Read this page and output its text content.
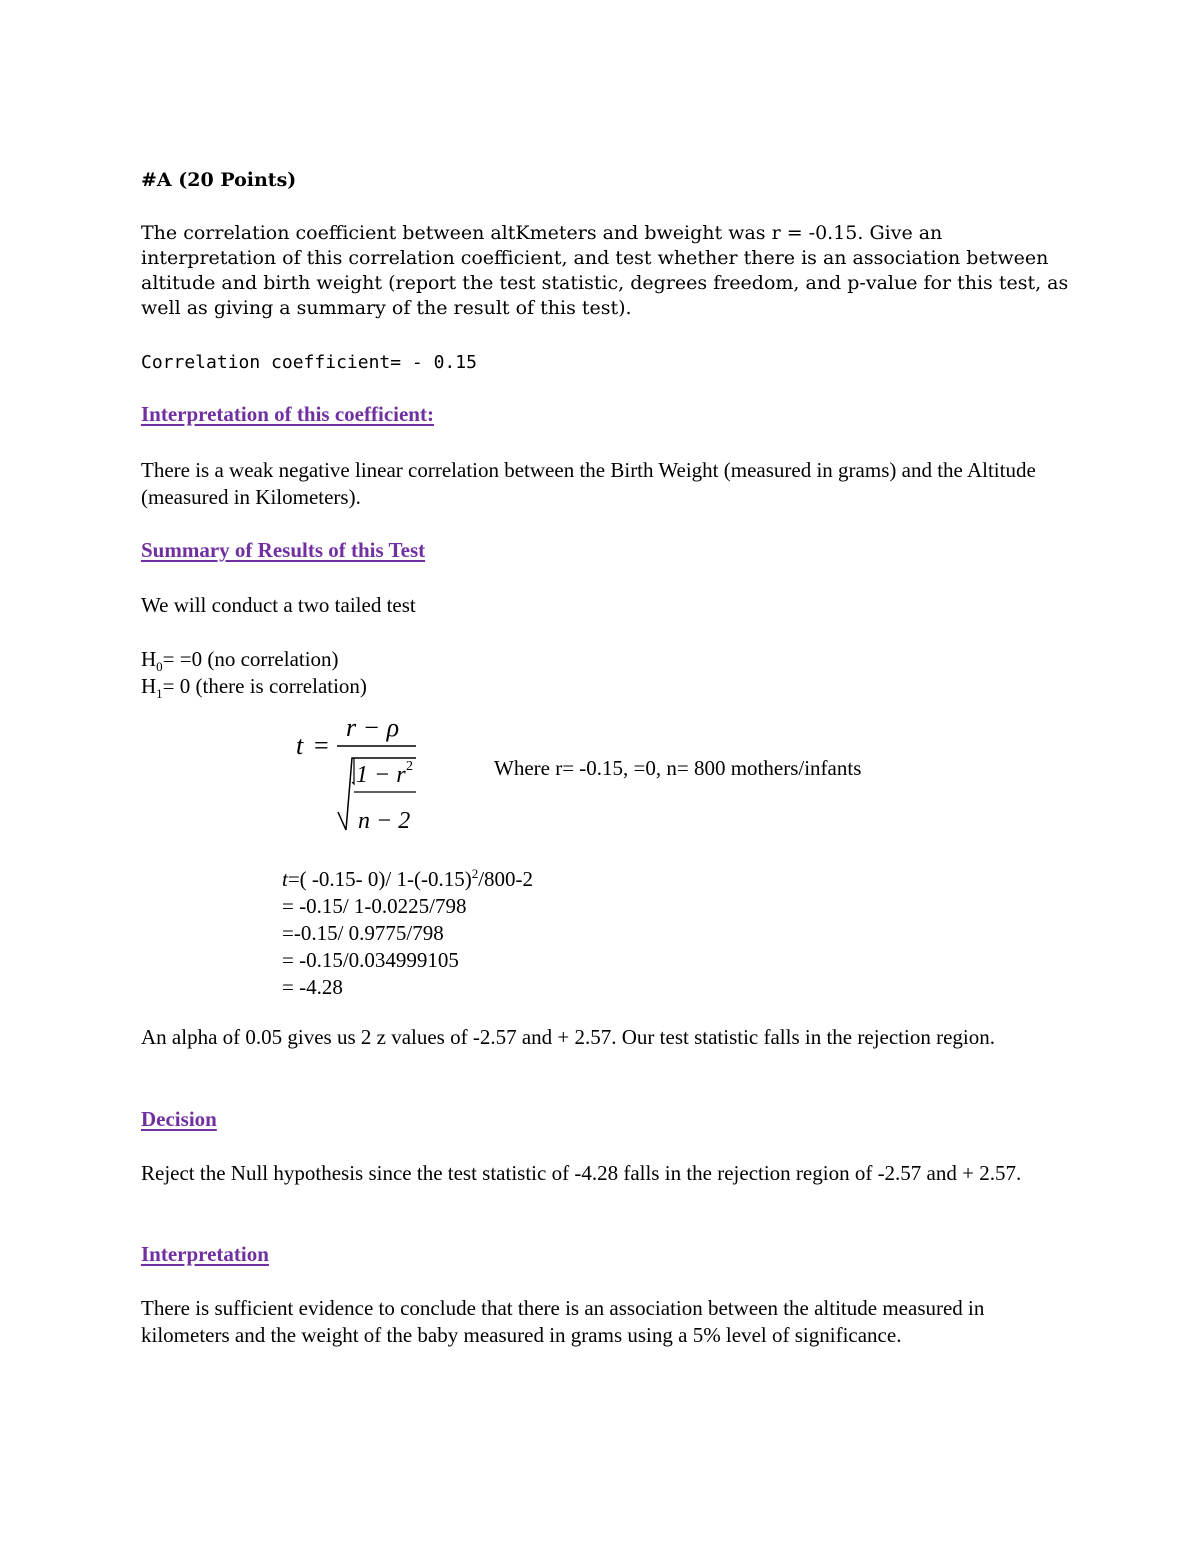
#A (20 Points)

The correlation coefficient between altKmeters and bweight was r = -0.15. Give an interpretation of this correlation coefficient, and test whether there is an association between altitude and birth weight (report the test statistic, degrees freedom, and p-value for this test, as well as giving a summary of the result of this test).

Correlation coefficient= - 0.15
Interpretation of this coefficient:

There is a weak negative linear correlation between the Birth Weight (measured in grams) and the Altitude (measured in Kilometers).

Summary of Results of this Test
We will conduct a two tailed test
$H_0= =0$ (no correlation)
$H_1= 0$ (there is correlation)
t =
r − ρ
1 − r 2
n − 2
Where r= -0.15, =0, n= 800 mothers/infants
t=( -0.15- 0)/ $1-(-0.15)^2/800-2$
= -0.15/ 1-0.0225/798
=-0.15/ 0.9775/798
= -0.15/0.034999105
= -4.28

An alpha of 0.05 gives us 2 z values of -2.57 and + 2.57. Our test statistic falls in the rejection region.

Decision

Reject the Null hypothesis since the test statistic of -4.28 falls in the rejection region of -2.57 and + 2.57.

Interpretation

There is sufficient evidence to conclude that there is an association between the altitude measured in kilometers and the weight of the baby measured in grams using a 5% level of significance.
